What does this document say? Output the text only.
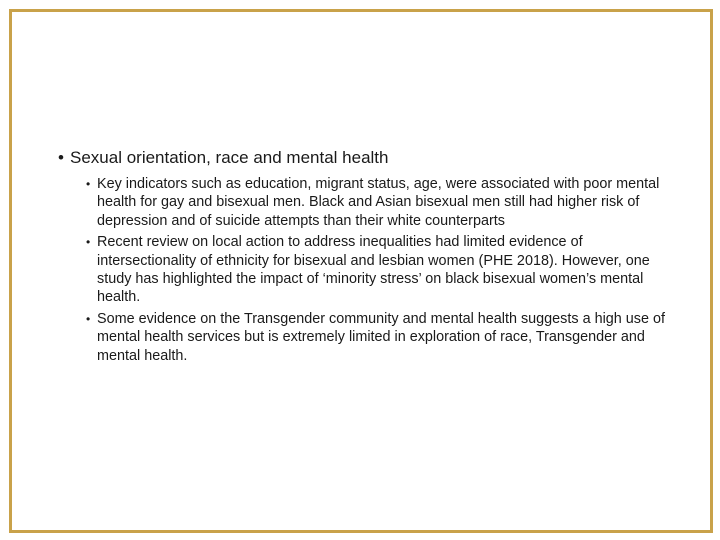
• Sexual orientation, race and mental health
• Key indicators such as education, migrant status, age, were associated with poor mental health for gay and bisexual men. Black and Asian bisexual men still had higher risk of depression and of suicide attempts than their white counterparts
• Recent review on local action to address inequalities had limited evidence of intersectionality of ethnicity for bisexual and lesbian women (PHE 2018). However, one study has highlighted the impact of ‘minority stress’ on black bisexual women’s mental health.
• Some evidence on the Transgender community and mental health suggests a high use of mental health services but is extremely limited in exploration of race, Transgender and mental health.
